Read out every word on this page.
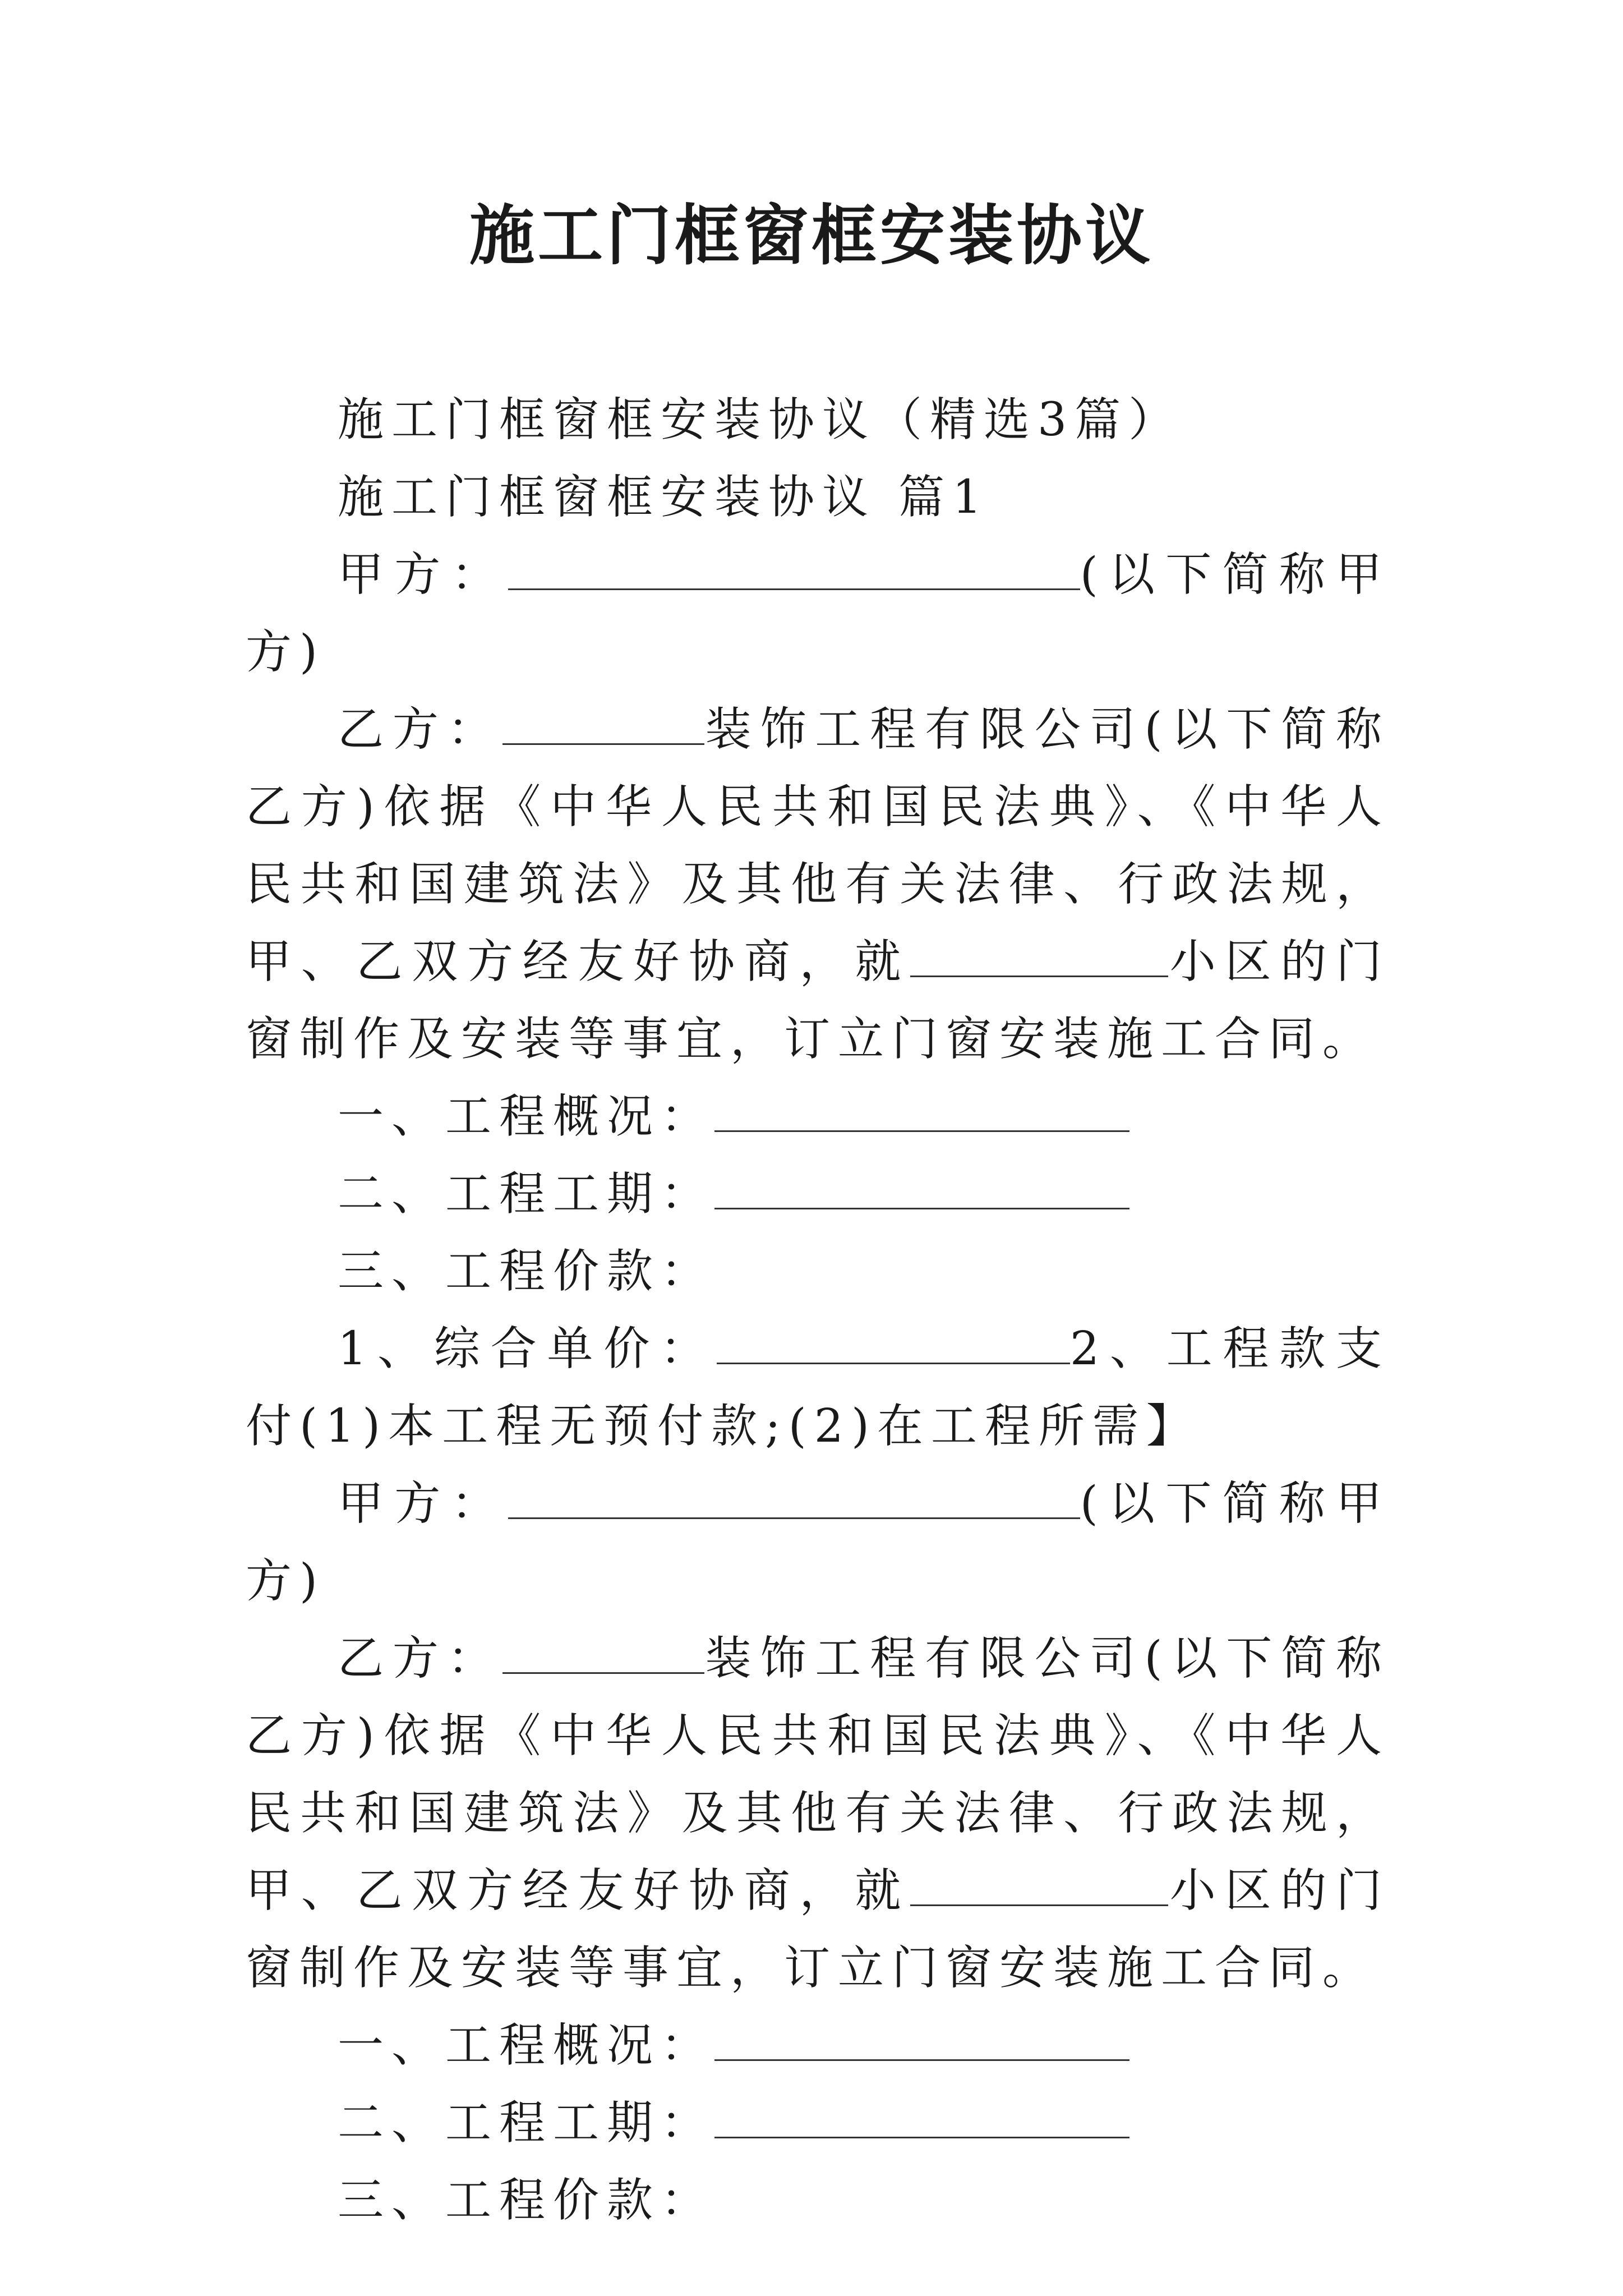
施工门框窗框安装协议

施工门框窗框安装协议（精选3篇）

施工门框窗框安装协议 篇1

甲方：	(以下简称甲方)

乙方：	装饰工程有限公司(以下简称乙方)依据《中华人民共和国民法典》、《中华人民共和国建筑法》及其他有关法律、行政法规，甲、乙双方经友好协商，就	小区的门窗制作及安装等事宜，订立门窗安装施工合同。

一、工程概况：

二、工程工期：

三、工程价款：

1、综合单价：	2、工程款支付(1)本工程无预付款;(2)在工程所需】

甲方：	(以下简称甲方)

乙方：	装饰工程有限公司(以下简称乙方)依据《中华人民共和国民法典》、《中华人民共和国建筑法》及其他有关法律、行政法规，甲、乙双方经友好协商，就	小区的门窗制作及安装等事宜，订立门窗安装施工合同。

一、工程概况：

二、工程工期：

三、工程价款：
